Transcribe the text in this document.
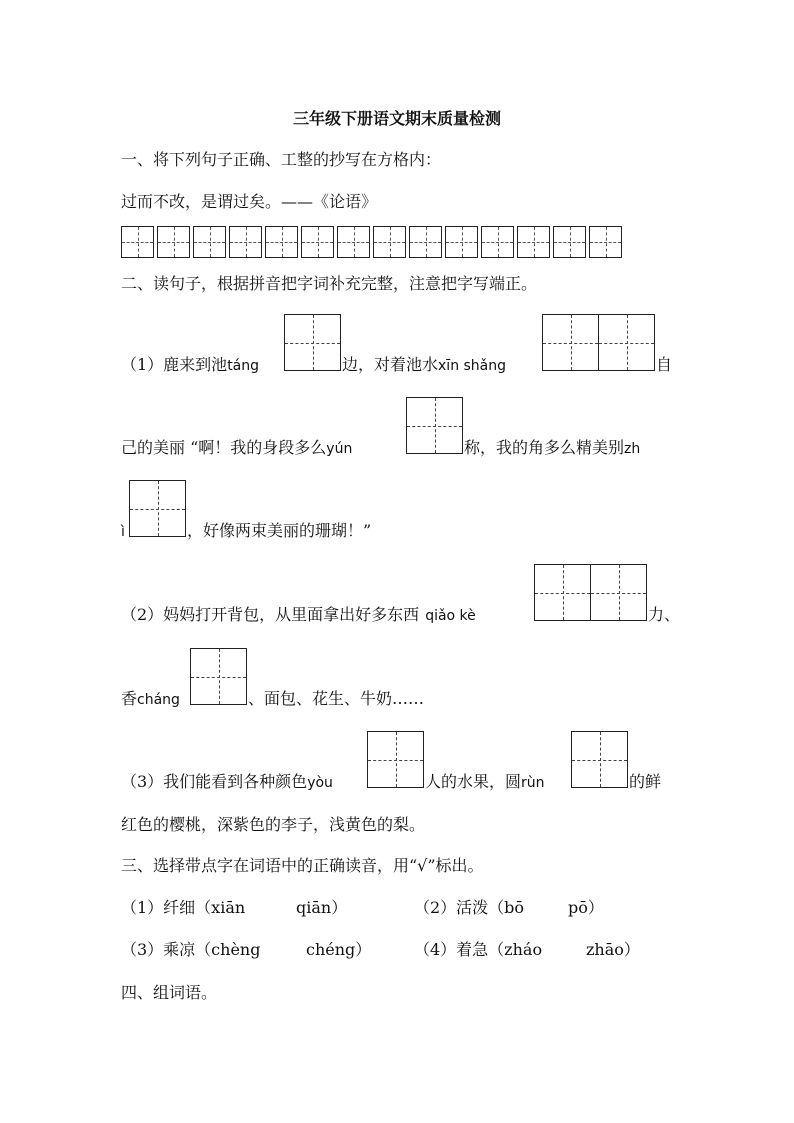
三年级下册语文期末质量检测
一、将下列句子正确、工整的抄写在方格内：
过而不改，是谓过矣。——《论语》
二、读句子，根据拼音把字词补充完整，注意把字写端正。
（1）鹿来到池táng	边，对着池水xīn shǎng	自
己的美丽 “啊！我的身段多么yún	称，我的角多么精美别zh
ì	，好像两束美丽的珊瑚！”
（2）妈妈打开背包，从里面拿出好多东西 qiǎo kè	力、
香cháng	、面包、花生、牛奶……
（3）我们能看到各种颜色yòu	人的水果，圆rùn	的鲜
红色的樱桃，深紫色的李子，浅黄色的梨。
三、选择带点字在词语中的正确读音，用“√”标出。
（1）纤细（xiān	qiān）	（2）活泼（bō	pō）
（3）乘凉（chèng	chéng）	（4）着急（zháo	zhāo）
四、组词语。
